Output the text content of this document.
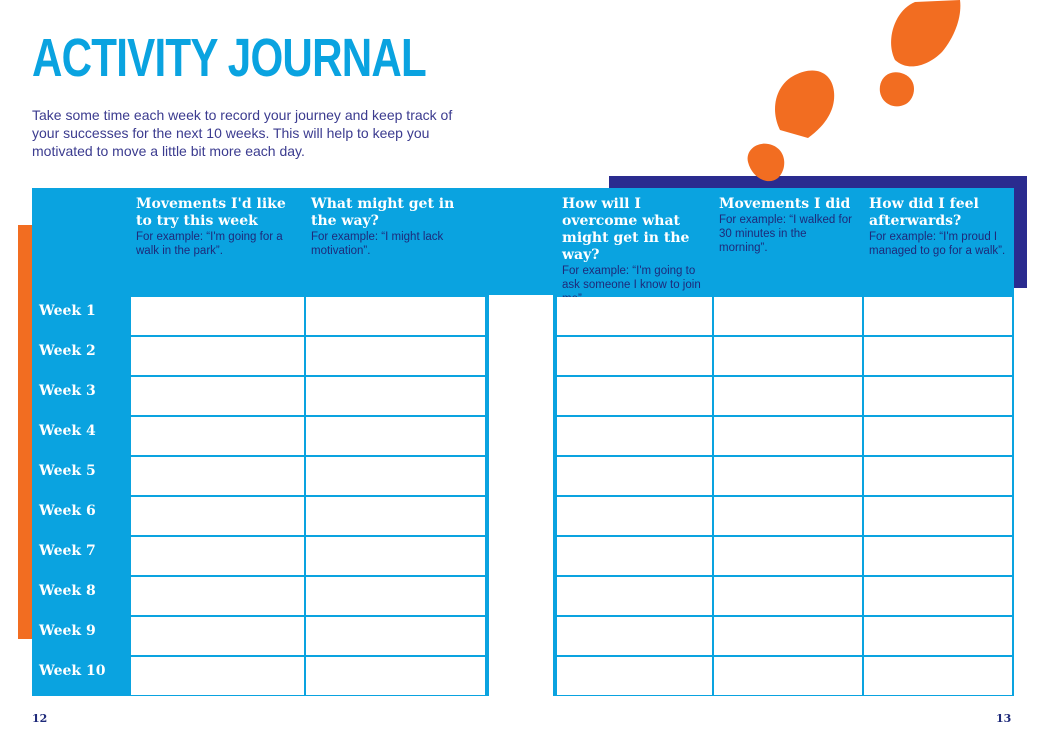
ACTIVITY JOURNAL

Take some time each week to record your journey and keep track of your successes for the next 10 weeks. This will help to keep you motivated to move a little bit more each day.

Movements I'd like to try this week
For example: “I'm going for a walk in the park”.
What might get in the way?
For example: “I might lack motivation”.
Week 1
Week 2
Week 3
Week 4
Week 5
Week 6
Week 7
Week 8
Week 9
Week 10
How will I overcome what might get in the way?
For example: “I'm going to ask someone I know to join
Movements I did
For example: “I walked for 30 minutes in the morning”.
How did I feel afterwards?
For example: “I'm proud I managed to go for a walk”.
12	13
